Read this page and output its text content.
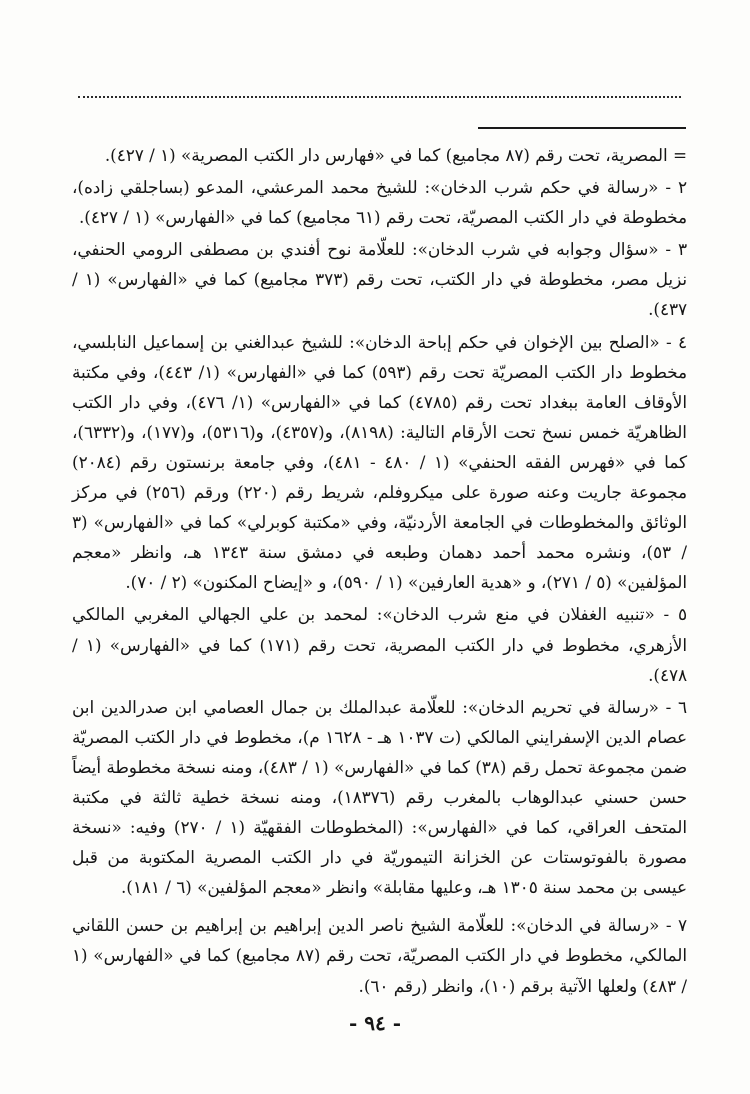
= المصرية، تحت رقم (٨٧ مجاميع) كما في «فهارس دار الكتب المصرية» (١ / ٤٢٧).

٢ - «رسالة في حكم شرب الدخان»: للشيخ محمد المرعشي، المدعو (بساجلقي زاده)، مخطوطة في دار الكتب المصريّة، تحت رقم (٦١ مجاميع) كما في «الفهارس» (١ / ٤٢٧).

٣ - «سؤال وجوابه في شرب الدخان»: للعلّامة نوح أفندي بن مصطفى الرومي الحنفي، نزيل مصر، مخطوطة في دار الكتب، تحت رقم (٣٧٣ مجاميع) كما في «الفهارس» (١ / ٤٣٧).

٤ - «الصلح بين الإخوان في حكم إباحة الدخان»: للشيخ عبدالغني بن إسماعيل النابلسي، مخطوط دار الكتب المصريّة تحت رقم (٥٩٣) كما في «الفهارس» (١/ ٤٤٣)، وفي مكتبة الأوقاف العامة ببغداد تحت رقم (٤٧٨٥) كما في «الفهارس» (١/ ٤٧٦)، وفي دار الكتب الظاهريّة خمس نسخ تحت الأرقام التالية: (٨١٩٨)، و(٤٣٥٧)، و(٥٣١٦)، و(١٧٧)، و(٦٣٣٢)، كما في «فهرس الفقه الحنفي» (١ / ٤٨٠ - ٤٨١)، وفي جامعة برنستون رقم (٢٠٨٤) مجموعة جاريت وعنه صورة على ميكروفلم، شريط رقم (٢٢٠) ورقم (٢٥٦) في مركز الوثائق والمخطوطات في الجامعة الأردنيّة، وفي «مكتبة كوبرلي» كما في «الفهارس» (٣ / ٥٣)، ونشره محمد أحمد دهمان وطبعه في دمشق سنة ١٣٤٣ هـ، وانظر «معجم المؤلفين» (٥ / ٢٧١)، و «هدية العارفين» (١ / ٥٩٠)، و «إيضاح المكنون» (٢ / ٧٠).

٥ - «تنبيه الغفلان في منع شرب الدخان»: لمحمد بن علي الجهالي المغربي المالكي الأزهري، مخطوط في دار الكتب المصرية، تحت رقم (١٧١) كما في «الفهارس» (١ / ٤٧٨).

٦ - «رسالة في تحريم الدخان»: للعلّامة عبدالملك بن جمال العصامي ابن صدرالدين ابن عصام الدين الإسفرايني المالكي (ت ١٠٣٧ هـ - ١٦٢٨ م)، مخطوط في دار الكتب المصريّة ضمن مجموعة تحمل رقم (٣٨) كما في «الفهارس» (١ / ٤٨٣)، ومنه نسخة مخطوطة أيضاً حسن حسني عبدالوهاب بالمغرب رقم (١٨٣٧٦)، ومنه نسخة خطية ثالثة في مكتبة المتحف العراقي، كما في «الفهارس»: (المخطوطات الفقهيّة (١ / ٢٧٠) وفيه: «نسخة مصورة بالفوتوستات عن الخزانة التيموريّة في دار الكتب المصرية المكتوبة من قبل عيسى بن محمد سنة ١٣٠٥ هـ، وعليها مقابلة» وانظر «معجم المؤلفين» (٦ / ١٨١).

٧ - «رسالة في الدخان»: للعلّامة الشيخ ناصر الدين إبراهيم بن إبراهيم بن حسن اللقاني المالكي، مخطوط في دار الكتب المصريّة، تحت رقم (٨٧ مجاميع) كما في «الفهارس» (١ / ٤٨٣) ولعلها الآتية برقم (١٠)، وانظر (رقم ٦٠).

- ٩٤ -
